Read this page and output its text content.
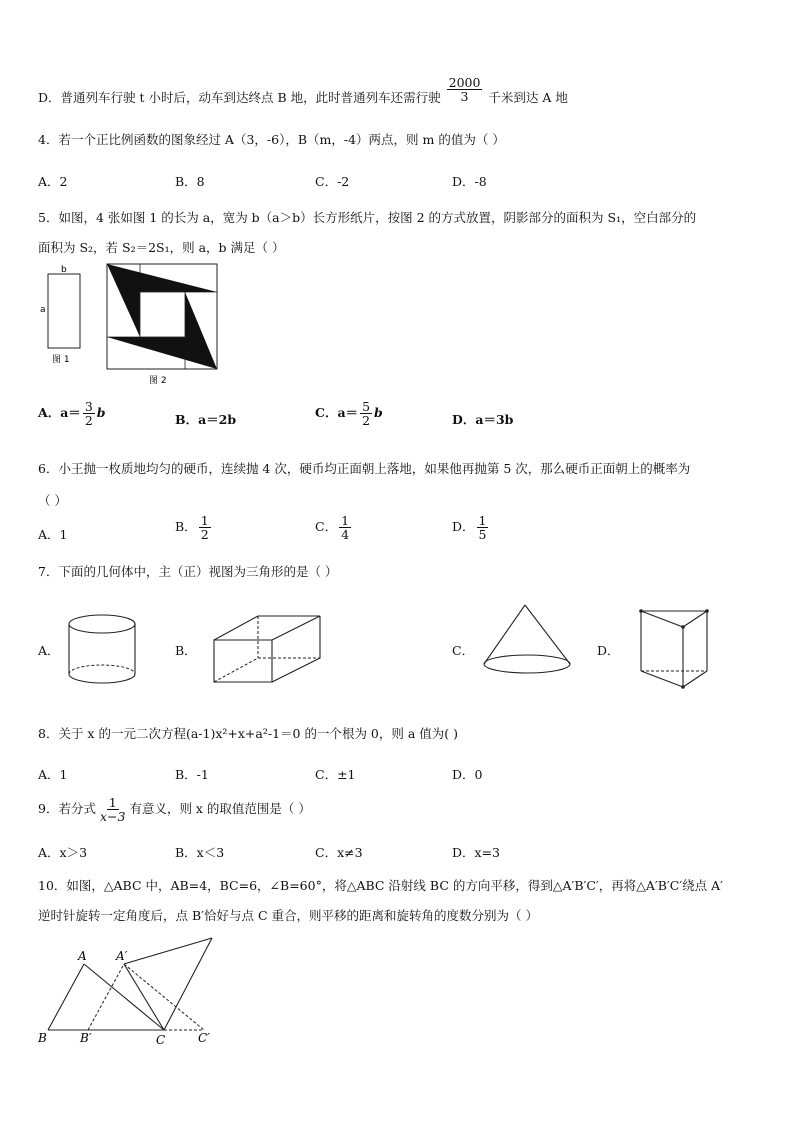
D．普通列车行驶 t 小时后，动车到达终点 B 地，此时普通列车还需行驶 $\frac{2000}{3}$ 千米到达 A 地
4．若一个正比例函数的图象经过 A（3，-6），B（m，-4）两点，则 m 的值为（ ）
A．2	B．8	C．-2	D．-8
5．如图，4 张如图 1 的长为 a，宽为 b（a＞b）长方形纸片，按图 2 的方式放置，阴影部分的面积为 S₁，空白部分的
面积为 S₂，若 S₂＝2S₁，则 a，b 满足（ ）
b
a
图 1
图 2
A．$a= \frac{3}{2}$ b	B．a＝2b	C．$a= \frac{5}{2}$ b	D．a＝3b
6．小王抛一枚质地均匀的硬币，连续抛 4 次，硬币均正面朝上落地，如果他再抛第 5 次，那么硬币正面朝上的概率为
（ ）
A．1
B． $\frac{1}{2}$	C． $\frac{1}{4}$	D． $\frac{1}{5}$
7．下面的几何体中，主（正）视图为三角形的是（ ）
A．	B．	C．	D．
8．关于 x 的一元二次方程(a-1)x²+x+a²-1＝0 的一个根为 0，则 a 值为( )
A．1	B．-1	C．±1	D．0
9．若分式 $\frac{1}{x-3}$ 有意义，则 x 的取值范围是（ ）
A．x＞3	B．x＜3	C．x≠3	D．x=3
10．如图，△ABC 中，AB=4，BC=6，∠B=60°，将△ABC 沿射线 BC 的方向平移，得到△A′B′C′，再将△A′B′C′绕点 A′
逆时针旋转一定角度后，点 B′恰好与点 C 重合，则平移的距离和旋转角的度数分别为（ ）
A A′
B	B′	C	C′
